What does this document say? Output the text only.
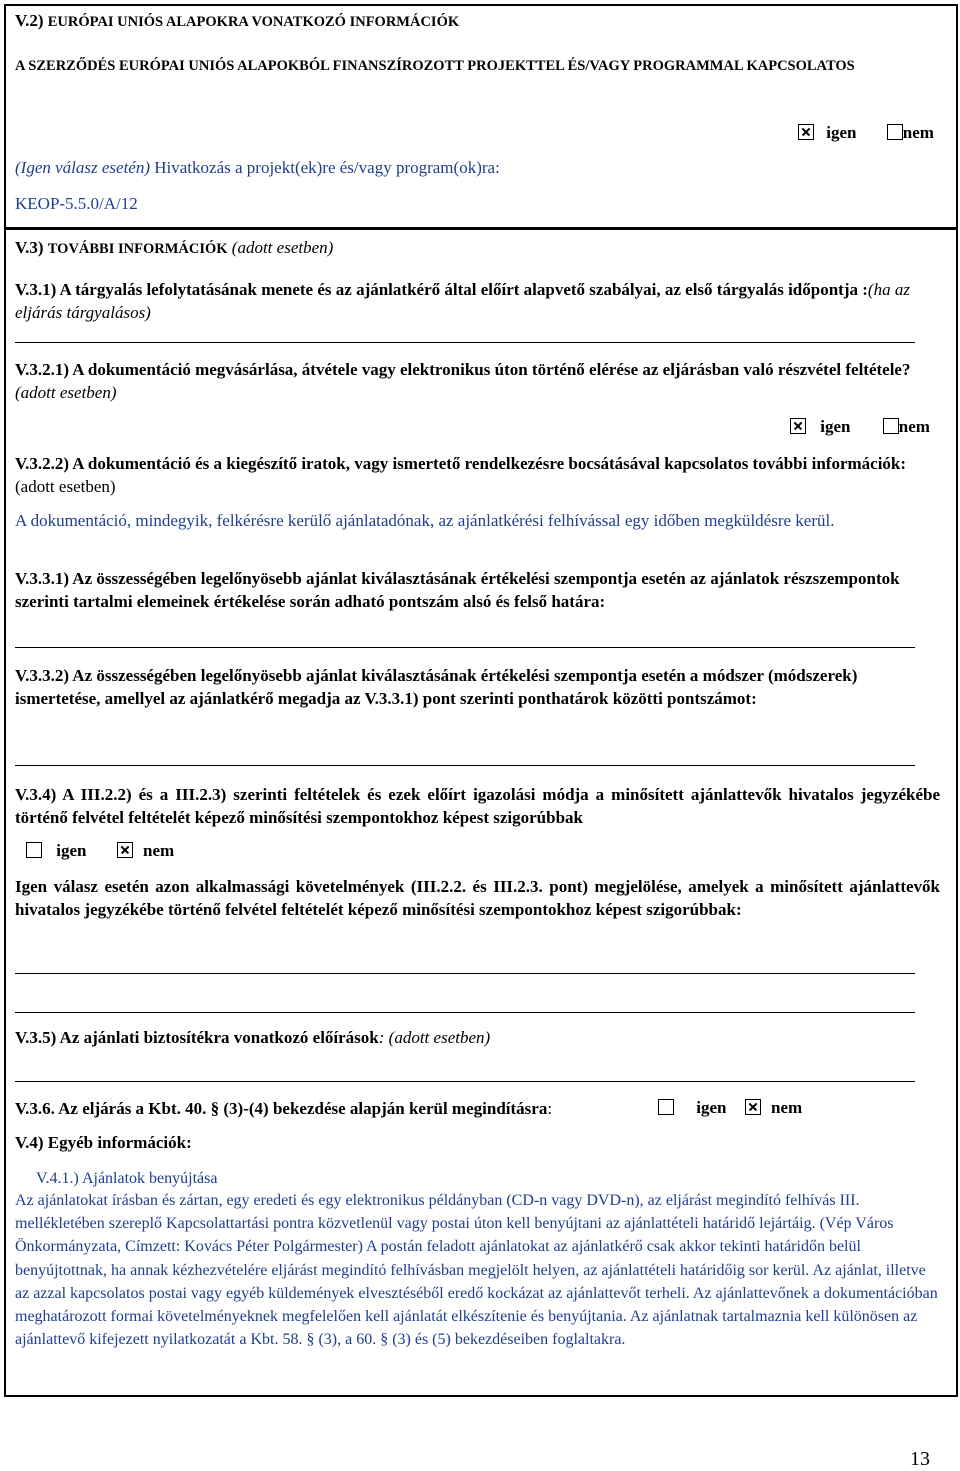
V.2) EURÓPAI UNIÓS ALAPOKRA VONATKOZÓ INFORMÁCIÓK
A SZERZŐDÉS EURÓPAI UNIÓS ALAPOKBÓL FINANSZÍROZOTT PROJEKTTEL ÉS/VAGY PROGRAMMAL KAPCSOLATOS
igen	nem
(Igen válasz esetén) Hivatkozás a projekt(ek)re és/vagy program(ok)ra:
KEOP-5.5.0/A/12
V.3) TOVÁBBI INFORMÁCIÓK (adott esetben)
V.3.1) A tárgyalás lefolytatásának menete és az ajánlatkérő által előírt alapvető szabályai, az első tárgyalás időpontja :(ha az eljárás tárgyalásos)
V.3.2.1) A dokumentáció megvásárlása, átvétele vagy elektronikus úton történő elérése az eljárásban való részvétel feltétele? (adott esetben)
igen	nem
V.3.2.2) A dokumentáció és a kiegészítő iratok, vagy ismertető rendelkezésre bocsátásával kapcsolatos további információk: (adott esetben)
A dokumentáció, mindegyik, felkérésre kerülő ajánlatadónak, az ajánlatkérési felhívással egy időben megküldésre kerül.
V.3.3.1) Az összességében legelőnyösebb ajánlat kiválasztásának értékelési szempontja esetén az ajánlatok részszempontok szerinti tartalmi elemeinek értékelése során adható pontszám alsó és felső határa:
V.3.3.2) Az összességében legelőnyösebb ajánlat kiválasztásának értékelési szempontja esetén a módszer (módszerek) ismertetése, amellyel az ajánlatkérő megadja az V.3.3.1) pont szerinti ponthatárok közötti pontszámot:
V.3.4) A III.2.2) és a III.2.3) szerinti feltételek és ezek előírt igazolási módja a minősített ajánlattevők hivatalos jegyzékébe történő felvétel feltételét képező minősítési szempontokhoz képest szigorúbbak
igen	nem
Igen válasz esetén azon alkalmassági követelmények (III.2.2. és III.2.3. pont) megjelölése, amelyek a minősített ajánlattevők hivatalos jegyzékébe történő felvétel feltételét képező minősítési szempontokhoz képest szigorúbbak:
V.3.5) Az ajánlati biztosítékra vonatkozó előírások: (adott esetben)
V.3.6. Az eljárás a Kbt. 40. § (3)-(4) bekezdése alapján kerül megindításra:	igen	nem
V.4) Egyéb információk:
V.4.1.) Ajánlatok benyújtása
Az ajánlatokat írásban és zártan, egy eredeti és egy elektronikus példányban (CD-n vagy DVD-n), az eljárást megindító felhívás III. mellékletében szereplő Kapcsolattartási pontra közvetlenül vagy postai úton kell benyújtani az ajánlattételi határidő lejártáig. (Vép Város Önkormányzata, Címzett: Kovács Péter Polgármester) A postán feladott ajánlatokat az ajánlatkérő csak akkor tekinti határidőn belül benyújtottnak, ha annak kézhezvételére eljárást megindító felhívásban megjelölt helyen, az ajánlattételi határidőig sor kerül. Az ajánlat, illetve az azzal kapcsolatos postai vagy egyéb küldemények elvesztéséből eredő kockázat az ajánlattevőt terheli. Az ajánlattevőnek a dokumentációban meghatározott formai követelményeknek megfelelően kell ajánlatát elkészítenie és benyújtania. Az ajánlatnak tartalmaznia kell különösen az ajánlattevő kifejezett nyilatkozatát a Kbt. 58. § (3), a 60. § (3) és (5) bekezdéseiben foglaltakra.
13
